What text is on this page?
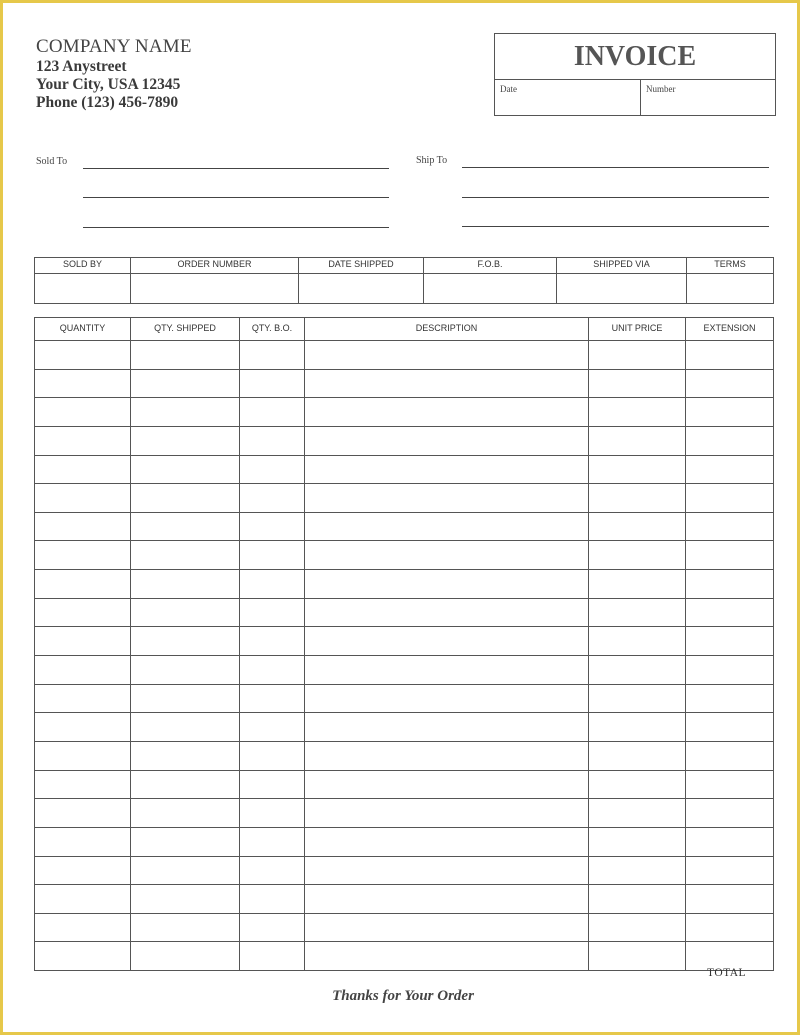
COMPANY NAME
123 Anystreet
Your City, USA 12345
Phone (123) 456-7890
INVOICE
Date	Number
Sold To	Ship To
SOLD BY	ORDER NUMBER	DATE SHIPPED	F.O.B.	SHIPPED VIA	TERMS

QUANTITY	QTY. SHIPPED	QTY. B.O.	DESCRIPTION	UNIT PRICE	EXTENSION

TOTAL
Thanks for Your Order
